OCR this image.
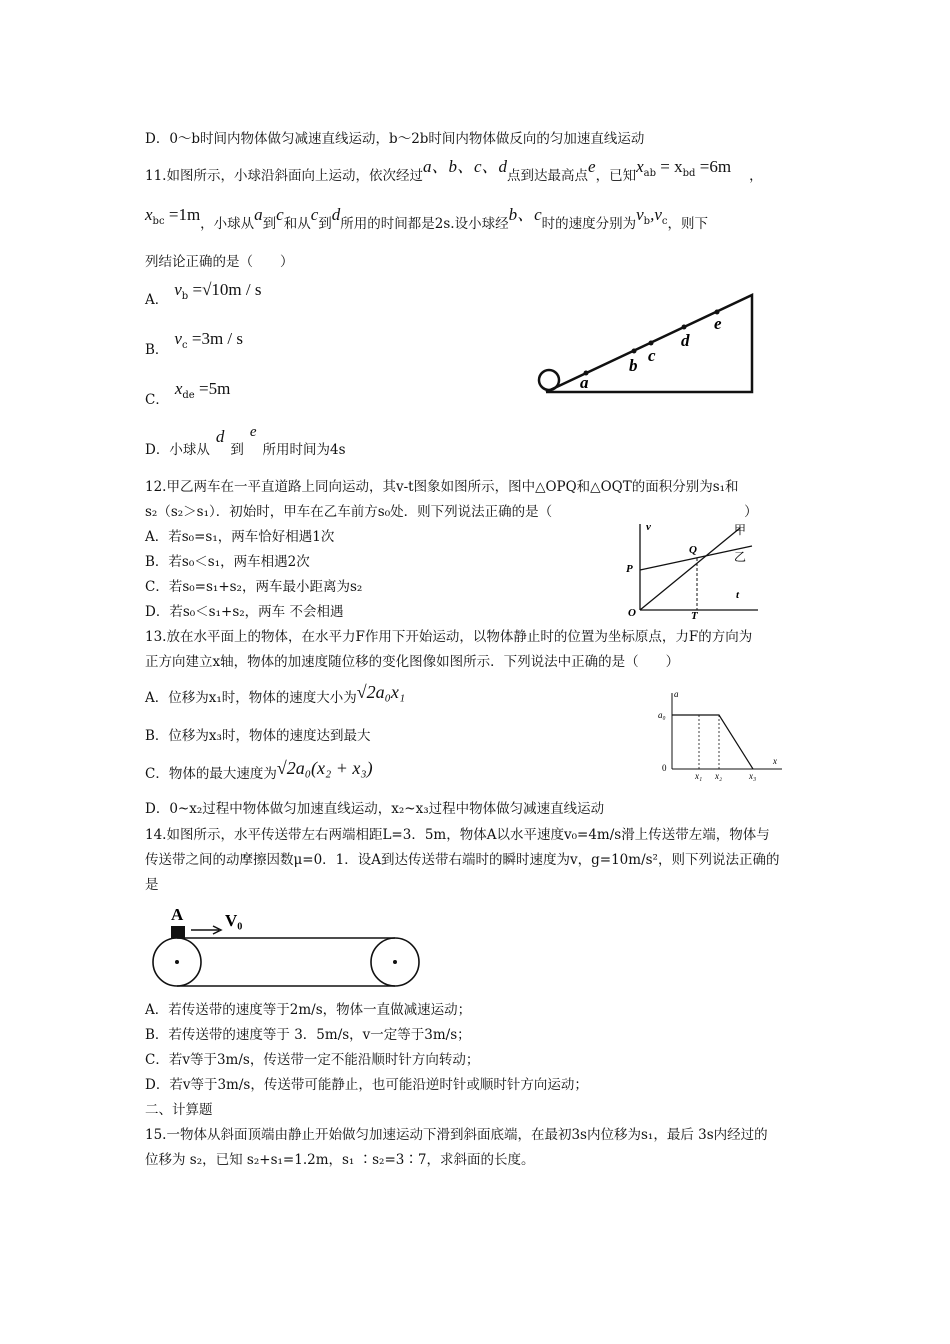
D．0～b时间内物体做匀减速直线运动，b～2b时间内物体做反向的匀加速直线运动
11.如图所示，小球沿斜面向上运动，依次经过a、b、c、d点到达最高点e，已知$x_{ab} = x_{bd} =6m$ ，
$x_{bc} =1m$，小球从a到c和从c到d所用的时间都是2s.设小球经b、c时的速度分别为$v_b,v_c$，则下
列结论正确的是（　　）
A．$v_b =√10m / s$
B．$v_c =3m / s$
C．$x_{de} =5m$
D．小球从d到e所用时间为4s
a
b
c
d
e
12.甲乙两车在一平直道路上同向运动，其v-t图象如图所示，图中△OPQ和△OQT的面积分别为s₁和
s₂（s₂＞s₁）．初始时，甲车在乙车前方s₀处．则下列说法正确的是（	）
A．若s₀=s₁，两车恰好相遇1次
B．若s₀＜s₁，两车相遇2次
C．若s₀=s₁+s₂，两车最小距离为s₂
D．若s₀＜s₁+s₂，两车 不会相遇
v
t
P
Q
O	T
甲
乙
13.放在水平面上的物体，在水平力F作用下开始运动，以物体静止时的位置为坐标原点，力F的方向为
正方向建立x轴，物体的加速度随位移的变化图像如图所示．下列说法中正确的是（　　）
A．位移为x₁时，物体的速度大小为√2a₀x₁
B．位移为x₃时，物体的速度达到最大
C．物体的最大速度为√2a₀(x₂ + x₃)
D．0~x₂过程中物体做匀加速直线运动，x₂~x₃过程中物体做匀减速直线运动
a
a₀
0
x
x₁ x₂	x₃
14.如图所示，水平传送带左右两端相距L=3．5m，物体A以水平速度v₀=4m/s滑上传送带左端，物体与
传送带之间的动摩擦因数μ=0．1．设A到达传送带右端时的瞬时速度为v，g=10m/s²，则下列说法正确的
是
A V₀
A．若传送带的速度等于2m/s，物体一直做减速运动；
B．若传送带的速度等于 3．5m/s，v一定等于3m/s；
C．若v等于3m/s，传送带一定不能沿顺时针方向转动；
D．若v等于3m/s，传送带可能静止，也可能沿逆时针或顺时针方向运动；
二、计算题
15.一物体从斜面顶端由静止开始做匀加速运动下滑到斜面底端，在最初3s内位移为s₁，最后 3s内经过的
位移为 s₂，已知 s₂+s₁=1.2m，s₁ ∶s₂=3∶7，求斜面的长度。
